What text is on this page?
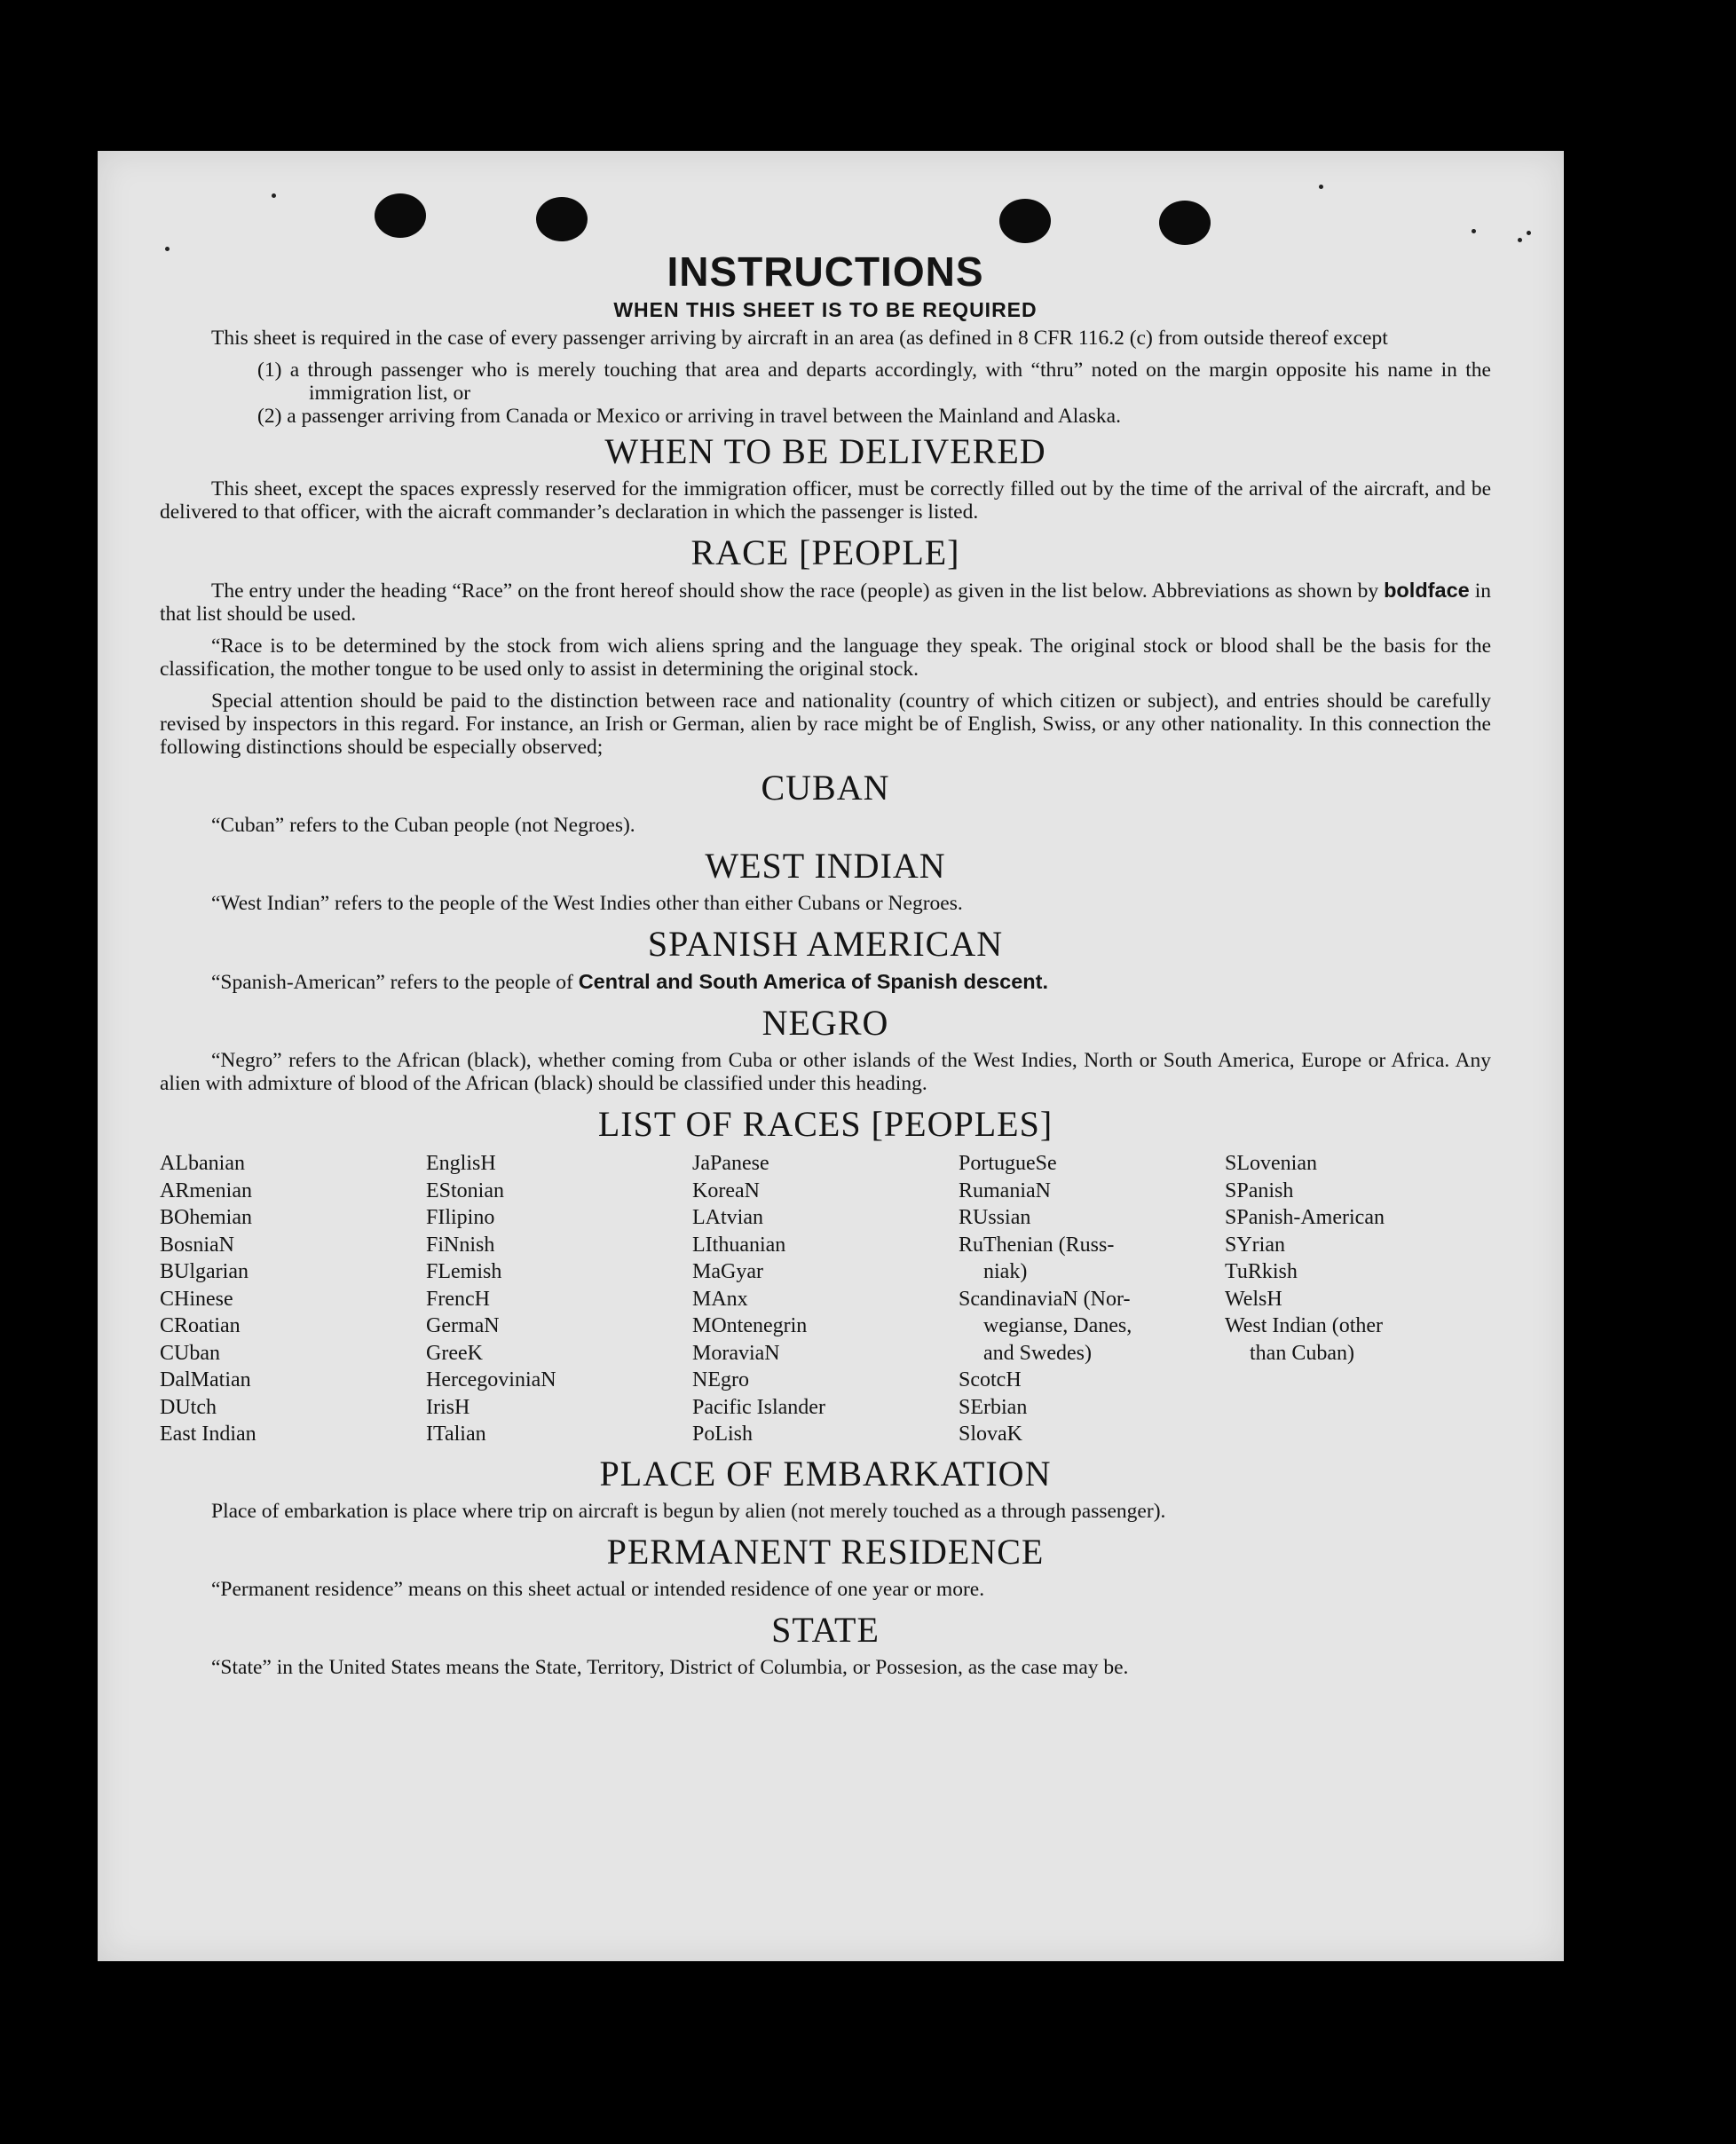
INSTRUCTIONS
WHEN THIS SHEET IS TO BE REQUIRED

This sheet is required in the case of every passenger arriving by aircraft in an area (as defined in 8 CFR 116.2 (c) from outside thereof except

(1) a through passenger who is merely touching that area and departs accordingly, with “thru” noted on the margin opposite his name in the immigration list, or

(2) a passenger arriving from Canada or Mexico or arriving in travel between the Mainland and Alaska.

WHEN TO BE DELIVERED

This sheet, except the spaces expressly reserved for the immigration officer, must be correctly filled out by the time of the arrival of the aircraft, and be delivered to that officer, with the aicraft commander’s declaration in which the passenger is listed.

RACE [PEOPLE]

The entry under the heading “Race” on the front hereof should show the race (people) as given in the list below. Abbreviations as shown by boldface in that list should be used.

“Race is to be determined by the stock from wich aliens spring and the language they speak. The original stock or blood shall be the basis for the classification, the mother tongue to be used only to assist in determining the original stock.

Special attention should be paid to the distinction between race and nationality (country of which citizen or subject), and entries should be carefully revised by inspectors in this regard. For instance, an Irish or German, alien by race might be of English, Swiss, or any other nationality. In this connection the following distinctions should be especially observed;

CUBAN

“Cuban” refers to the Cuban people (not Negroes).

WEST INDIAN

“West Indian” refers to the people of the West Indies other than either Cubans or Negroes.

SPANISH AMERICAN

“Spanish-American” refers to the people of Central and South America of Spanish descent.

NEGRO

“Negro” refers to the African (black), whether coming from Cuba or other islands of the West Indies, North or South America, Europe or Africa. Any alien with admixture of blood of the African (black) should be classified under this heading.

LIST OF RACES [PEOPLES]
ALbanian
ARmenian
BOhemian
BosniaN
BUlgarian
CHinese
CRoatian
CUban
DalMatian
DUtch
East Indian
EnglisH
EStonian
FIlipino
FiNnish
FLemish
FrencH
GermaN
GreeK
HercegoviniaN
IrisH
ITalian
JaPanese
KoreaN
LAtvian
LIthuanian
MaGyar
MAnx
MOntenegrin
MoraviaN
NEgro
Pacific Islander
PoLish
PortugueSe
RumaniaN
RUssian
RuThenian (Russ-
niak)
ScandinaviaN (Nor-
wegianse, Danes,
and Swedes)
ScotcH
SErbian
SlovaK
SLovenian
SPanish
SPanish-American
SYrian
TuRkish
WelsH
West Indian (other
than Cuban)
PLACE OF EMBARKATION

Place of embarkation is place where trip on aircraft is begun by alien (not merely touched as a through passenger).

PERMANENT RESIDENCE

“Permanent residence” means on this sheet actual or intended residence of one year or more.

STATE

“State” in the United States means the State, Territory, District of Columbia, or Possesion, as the case may be.
